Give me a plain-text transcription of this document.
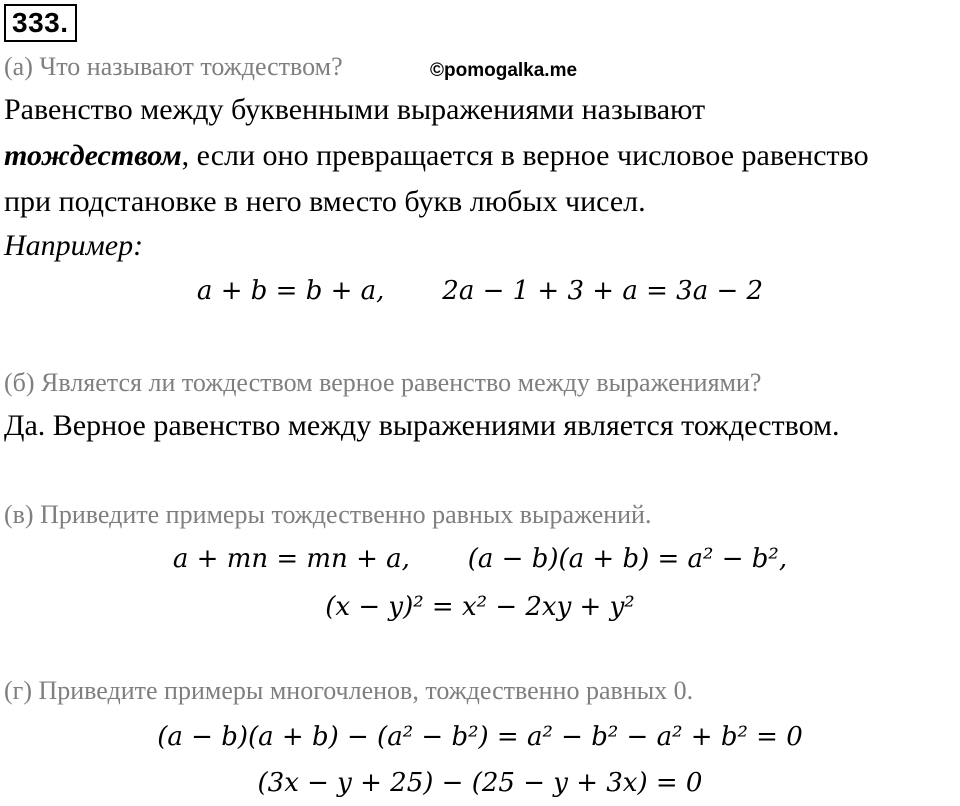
333.
(а) Что называют тождеством?	©pomogalka.me
Равенство между буквенными выражениями называют
тождеством, если оно превращается в верное числовое равенство
при подстановке в него вместо букв любых чисел.
Например:
a + b = b + a,       2a − 1 + 3 + a = 3a − 2
(б) Является ли тождеством верное равенство между выражениями?
Да. Верное равенство между выражениями является тождеством.
(в) Приведите примеры тождественно равных выражений.
a + mn = mn + a,       (a − b)(a + b) = a² − b²,
(x − y)² = x² − 2xy + y²
(г) Приведите примеры многочленов, тождественно равных 0.
(a − b)(a + b) − (a² − b²) = a² − b² − a² + b² = 0
(3x − y + 25) − (25 − y + 3x) = 0
